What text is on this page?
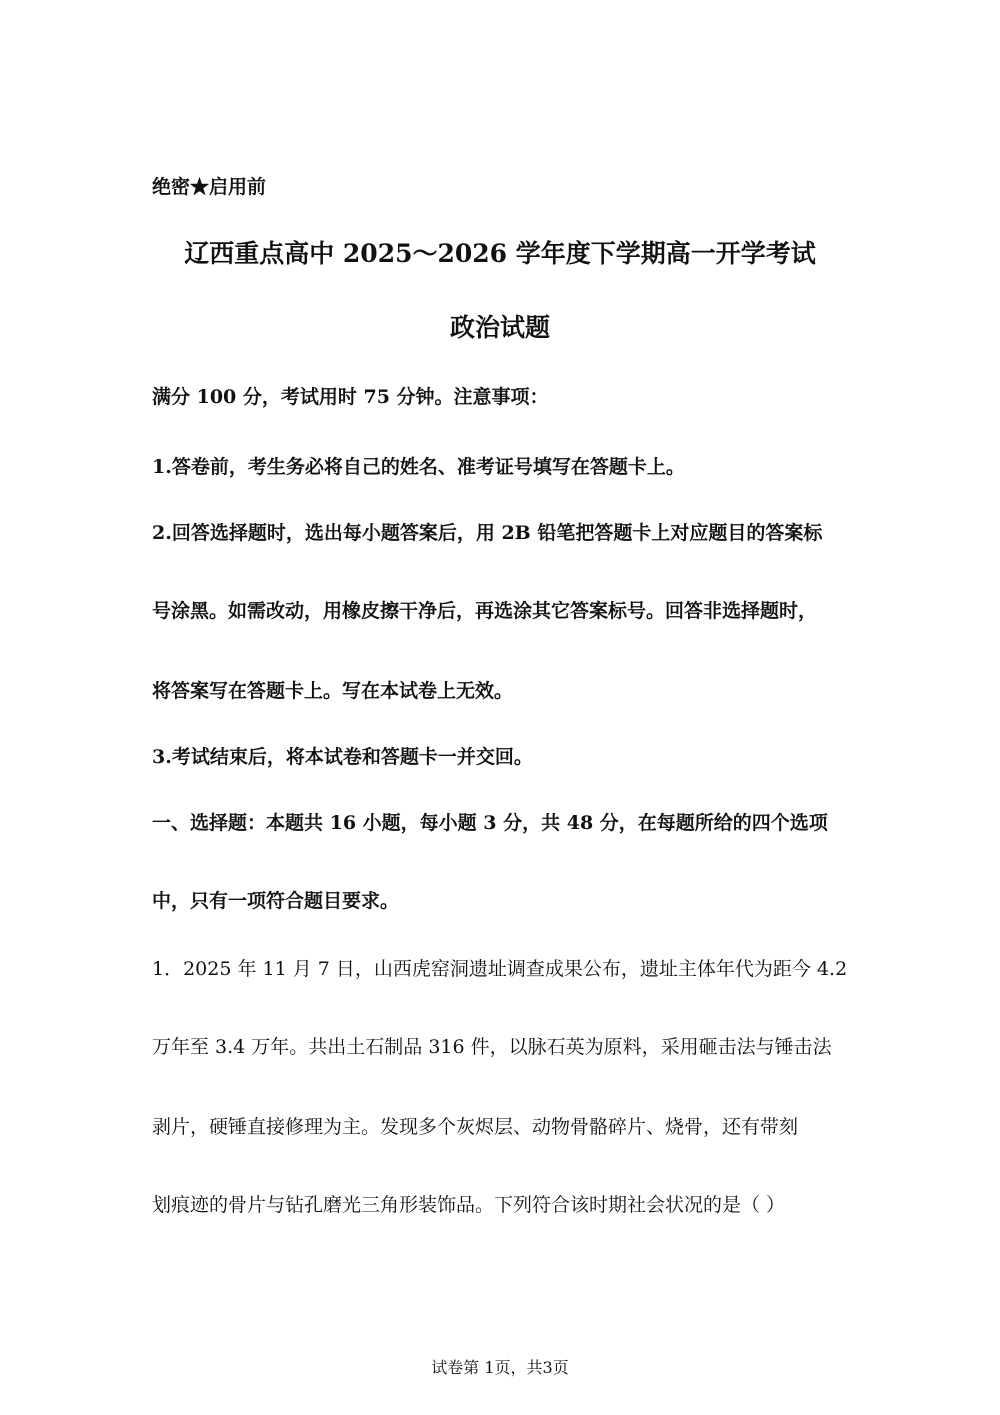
绝密★启用前
辽西重点高中 2025～2026 学年度下学期高一开学考试
政治试题
满分 100 分，考试用时 75 分钟。注意事项：
1.答卷前，考生务必将自己的姓名、准考证号填写在答题卡上。
2.回答选择题时，选出每小题答案后，用 2B 铅笔把答题卡上对应题目的答案标
号涂黑。如需改动，用橡皮擦干净后，再选涂其它答案标号。回答非选择题时，
将答案写在答题卡上。写在本试卷上无效。
3.考试结束后，将本试卷和答题卡一并交回。
一、选择题：本题共 16 小题，每小题 3 分，共 48 分，在每题所给的四个选项
中，只有一项符合题目要求。
1．2025 年 11 月 7 日，山西虎窑洞遗址调查成果公布，遗址主体年代为距今 4.2
万年至 3.4 万年。共出土石制品 316 件，以脉石英为原料，采用砸击法与锤击法
剥片，硬锤直接修理为主。发现多个灰烬层、动物骨骼碎片、烧骨，还有带刻
划痕迹的骨片与钻孔磨光三角形装饰品。下列符合该时期社会状况的是（ ）
试卷第 1页，共3页
